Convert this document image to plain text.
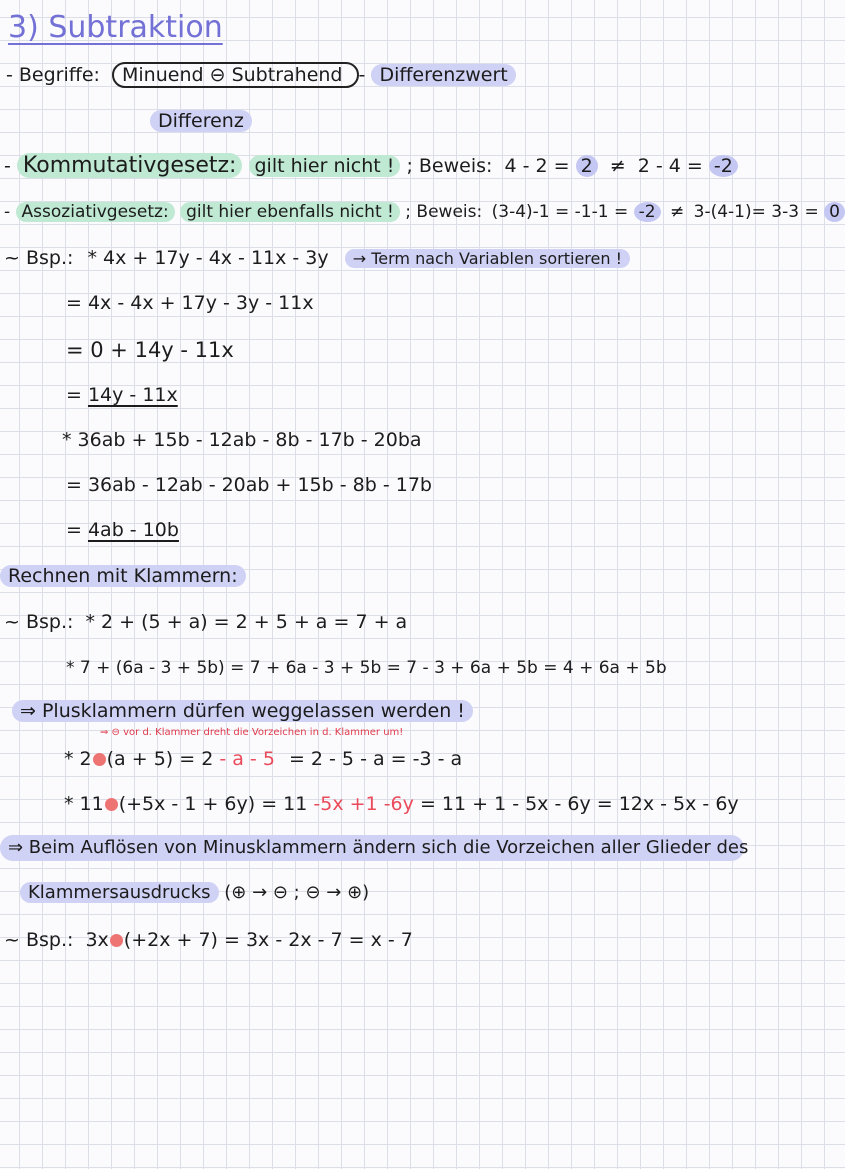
3) Subtraktion
- Begriffe: Minuend ⊖ Subtrahend - Differenzwert
Differenz
- Kommutativgesetz: gilt hier nicht ! ; Beweis: 4 - 2 = 2 ≠ 2 - 4 = -2
- Assoziativgesetz: gilt hier ebenfalls nicht ! ; Beweis: (3-4)-1 = -1-1 = -2 ≠ 3-(4-1)= 3-3 = 0
~ Bsp.: * 4x + 17y - 4x - 11x - 3y → Term nach Variablen sortieren !
= 4x - 4x + 17y - 3y - 11x
= 0 + 14y - 11x
= 14y - 11x
* 36ab + 15b - 12ab - 8b - 17b - 20ba
= 36ab - 12ab - 20ab + 15b - 8b - 17b
= 4ab - 10b
Rechnen mit Klammern:
~ Bsp.: * 2 + (5 + a) = 2 + 5 + a = 7 + a
* 7 + (6a - 3 + 5b) = 7 + 6a - 3 + 5b = 7 - 3 + 6a + 5b = 4 + 6a + 5b
⇒ Plusklammern dürfen weggelassen werden !
⇒ ⊖ vor d. Klammer dreht die Vorzeichen in d. Klammer um!
* 2 (a + 5) = 2 - a - 5 = 2 - 5 - a = -3 - a
* 11 (+5x - 1 + 6y) = 11 -5x +1 -6y = 11 + 1 - 5x - 6y = 12x - 5x - 6y
⇒ Beim Auflösen von Minusklammern ändern sich die Vorzeichen aller Glieder des
Klammersausdrucks (⊕ → ⊖ ; ⊖ → ⊕)
~ Bsp.: 3x (+2x + 7) = 3x - 2x - 7 = x - 7
